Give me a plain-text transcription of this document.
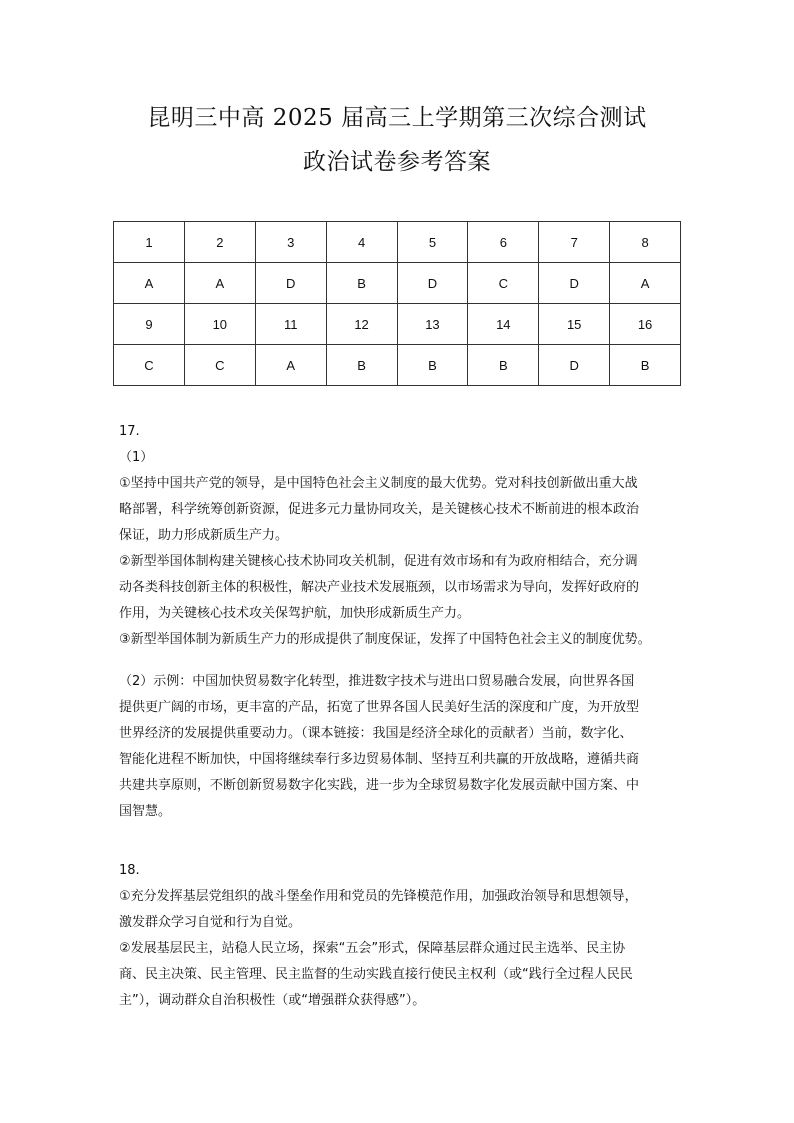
昆明三中高 2025 届高三上学期第三次综合测试
政治试卷参考答案
1	2	3	4	5	6	7	8
A	A	D	B	D	C	D	A
9	10	11	12	13	14	15	16
C	C	A	B	B	B	D	B

17.

（1）

①坚持中国共产党的领导，是中国特色社会主义制度的最大优势。党对科技创新做出重大战

略部署，科学统筹创新资源，促进多元力量协同攻关，是关键核心技术不断前进的根本政治

保证，助力形成新质生产力。

②新型举国体制构建关键核心技术协同攻关机制，促进有效市场和有为政府相结合，充分调

动各类科技创新主体的积极性，解决产业技术发展瓶颈，以市场需求为导向，发挥好政府的

作用，为关键核心技术攻关保驾护航，加快形成新质生产力。

③新型举国体制为新质生产力的形成提供了制度保证，发挥了中国特色社会主义的制度优势。

（2）示例：中国加快贸易数字化转型，推进数字技术与进出口贸易融合发展，向世界各国

提供更广阔的市场，更丰富的产品，拓宽了世界各国人民美好生活的深度和广度，为开放型

世界经济的发展提供重要动力。（课本链接：我国是经济全球化的贡献者）当前，数字化、

智能化进程不断加快，中国将继续奉行多边贸易体制、坚持互利共赢的开放战略，遵循共商

共建共享原则，不断创新贸易数字化实践，进一步为全球贸易数字化发展贡献中国方案、中

国智慧。

18.

①充分发挥基层党组织的战斗堡垒作用和党员的先锋模范作用，加强政治领导和思想领导，

激发群众学习自觉和行为自觉。

②发展基层民主，站稳人民立场，探索“五会”形式，保障基层群众通过民主选举、民主协

商、民主决策、民主管理、民主监督的生动实践直接行使民主权利（或“践行全过程人民民

主”），调动群众自治积极性（或“增强群众获得感”）。
